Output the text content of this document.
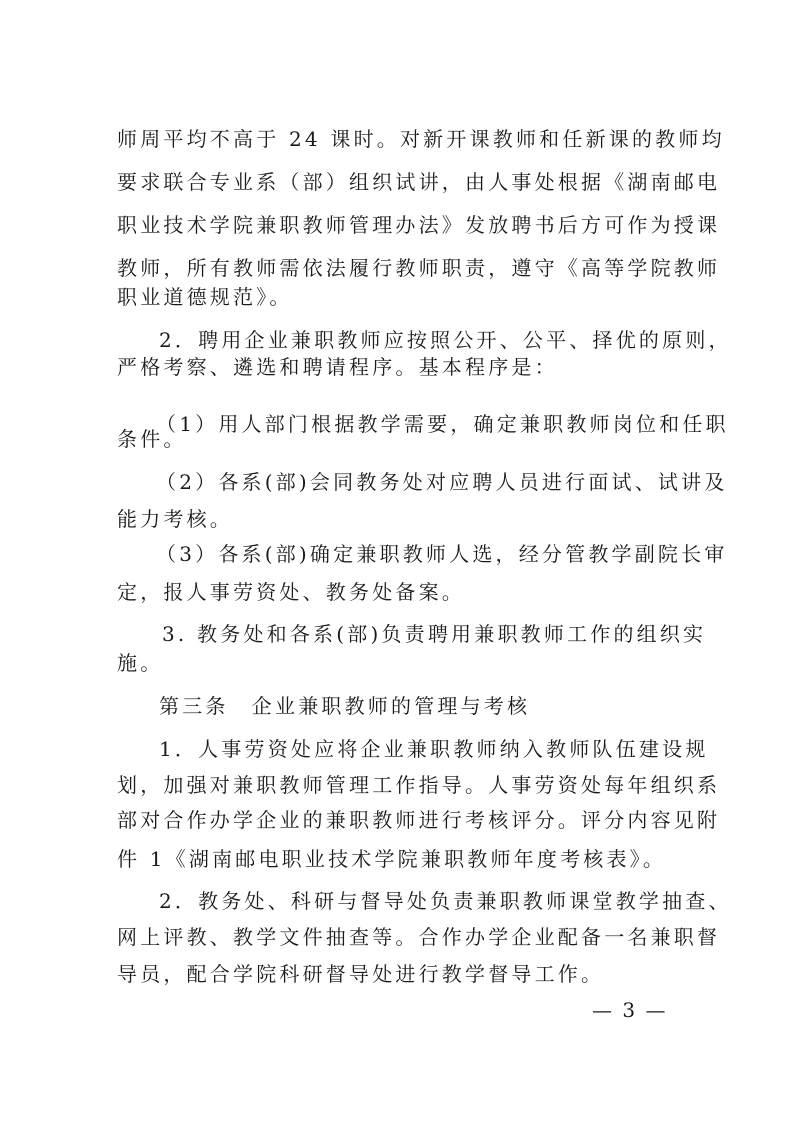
师周平均不高于 24 课时。对新开课教师和任新课的教师均
要求联合专业系（部）组织试讲，由人事处根据《湖南邮电
职业技术学院兼职教师管理办法》发放聘书后方可作为授课
教师，所有教师需依法履行教师职责，遵守《高等学院教师
职业道德规范》。
2．聘用企业兼职教师应按照公开、公平、择优的原则，
严格考察、遴选和聘请程序。基本程序是：
（1）用人部门根据教学需要，确定兼职教师岗位和任职
条件。
（2）各系(部)会同教务处对应聘人员进行面试、试讲及
能力考核。
（3）各系(部)确定兼职教师人选，经分管教学副院长审
定，报人事劳资处、教务处备案。
3. 教务处和各系(部)负责聘用兼职教师工作的组织实
施。
第三条　企业兼职教师的管理与考核
1．人事劳资处应将企业兼职教师纳入教师队伍建设规
划，加强对兼职教师管理工作指导。人事劳资处每年组织系
部对合作办学企业的兼职教师进行考核评分。评分内容见附
件 1《湖南邮电职业技术学院兼职教师年度考核表》。
2．教务处、科研与督导处负责兼职教师课堂教学抽查、
网上评教、教学文件抽查等。合作办学企业配备一名兼职督
导员，配合学院科研督导处进行教学督导工作。
— 3 —
